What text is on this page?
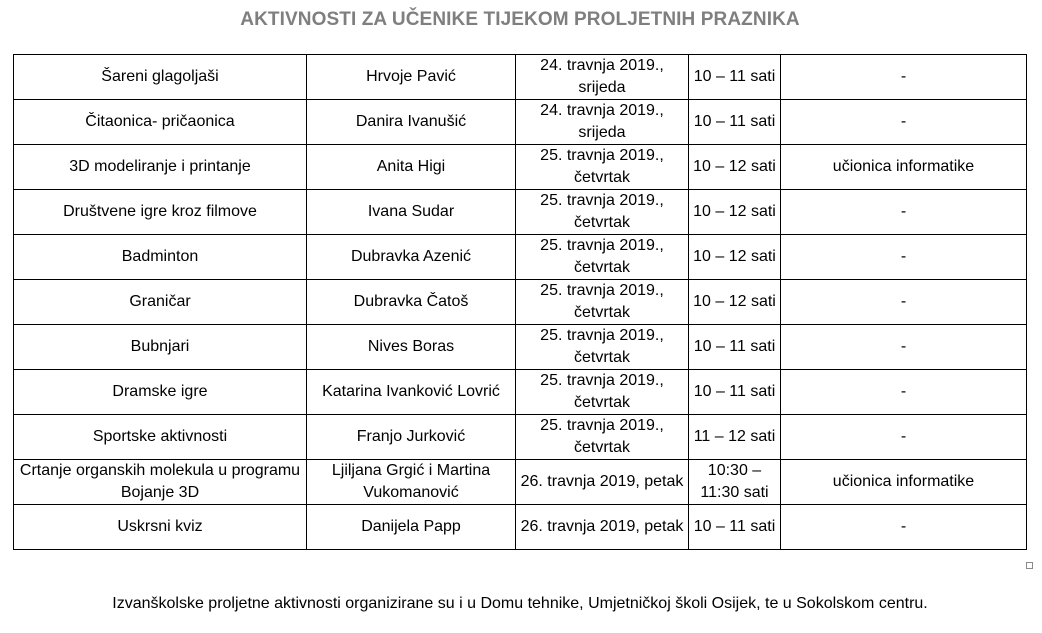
AKTIVNOSTI ZA UČENIKE TIJEKOM PROLJETNIH PRAZNIKA
Šareni glagoljaši	Hrvoje Pavić	24. travnja 2019., srijeda	10 – 11 sati	-
Čitaonica- pričaonica	Danira Ivanušić	24. travnja 2019., srijeda	10 – 11 sati	-
3D modeliranje i printanje	Anita Higi	25. travnja 2019., četvrtak	10 – 12 sati	učionica informatike
Društvene igre kroz filmove	Ivana Sudar	25. travnja 2019., četvrtak	10 – 12 sati	-
Badminton	Dubravka Azenić	25. travnja 2019., četvrtak	10 – 12 sati	-
Graničar	Dubravka Čatoš	25. travnja 2019., četvrtak	10 – 12 sati	-
Bubnjari	Nives Boras	25. travnja 2019., četvrtak	10 – 11 sati	-
Dramske igre	Katarina Ivanković Lovrić	25. travnja 2019., četvrtak	10 – 11 sati	-
Sportske aktivnosti	Franjo Jurković	25. travnja 2019., četvrtak	11 – 12 sati	-
Crtanje organskih molekula u programu Bojanje 3D	Ljiljana Grgić i Martina Vukomanović	26. travnja 2019, petak	10:30 – 11:30 sati	učionica informatike
Uskrsni kviz	Danijela Papp	26. travnja 2019, petak	10 – 11 sati	-
Izvanškolske proljetne aktivnosti organizirane su i u Domu tehnike, Umjetničkoj školi Osijek, te u Sokolskom centru.
